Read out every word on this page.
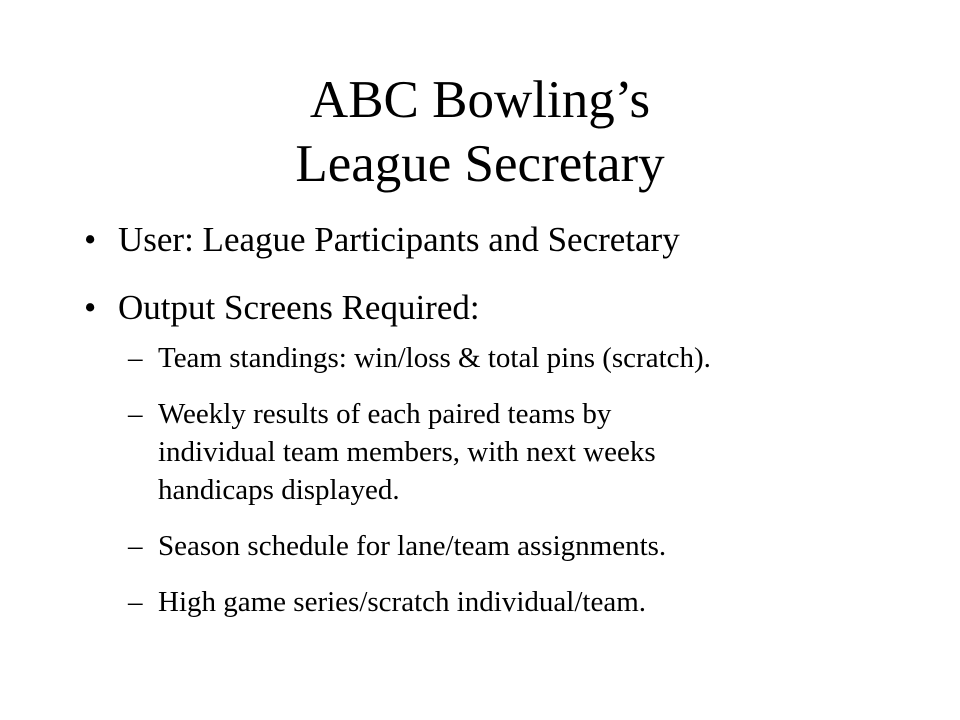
ABC Bowling’s
League Secretary
• User: League Participants and Secretary
• Output Screens Required:
– Team standings: win/loss & total pins (scratch).
– Weekly results of each paired teams by
individual team members, with next weeks
handicaps displayed.
– Season schedule for lane/team assignments.
– High game series/scratch individual/team.
